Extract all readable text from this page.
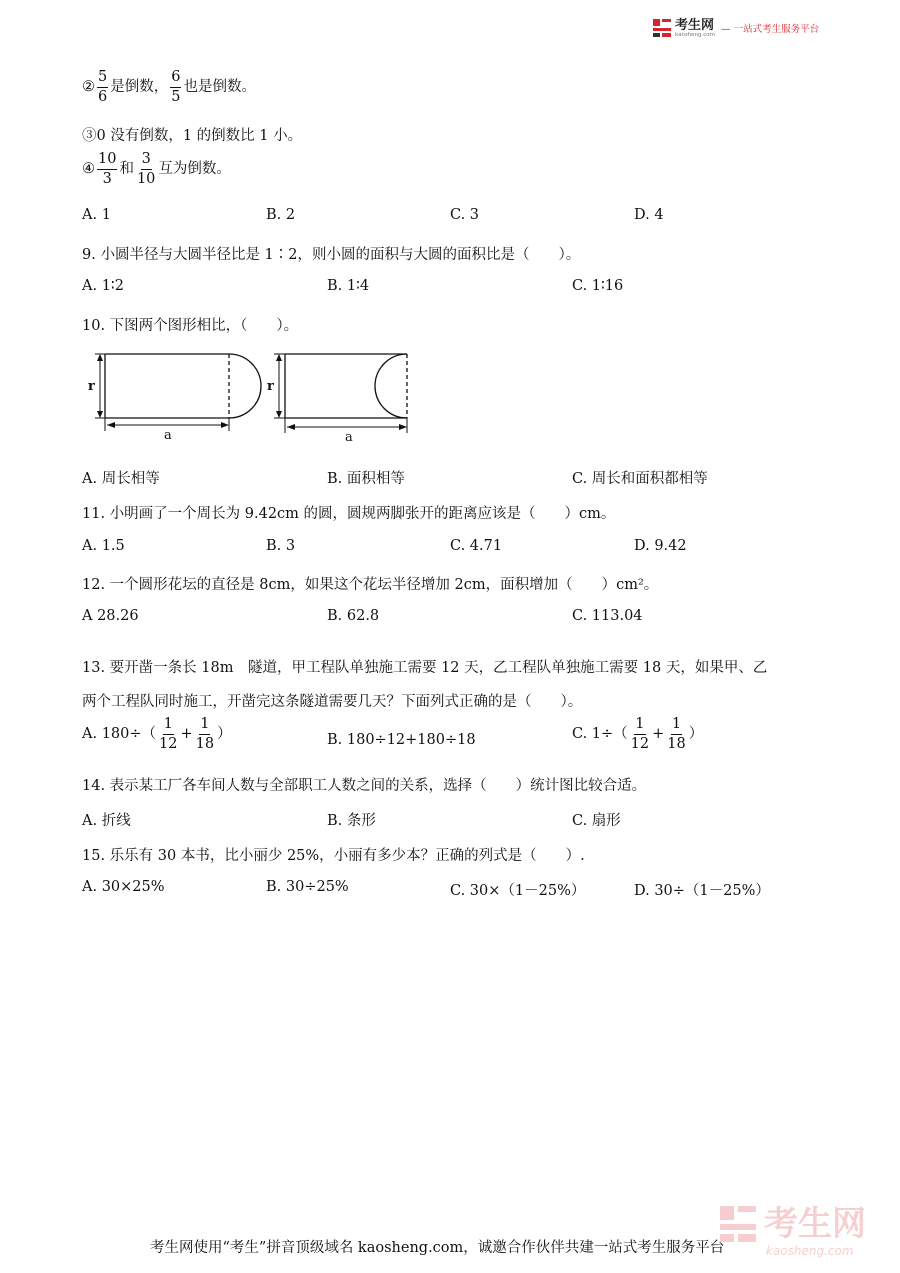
考生网
kaosheng.com — 一站式考生服务平台
② $\frac{5}{6}$ 是倒数， $\frac{6}{5}$ 也是倒数。
③0 没有倒数，1 的倒数比 1 小。
④ $\frac{10}{3}$ 和 $\frac{3}{10}$ 互为倒数。
A. 1	B. 2	C. 3	D. 4
9. 小圆半径与大圆半径比是 1∶2，则小圆的面积与大圆的面积比是（　　）。
A. 1∶2	B. 1∶4	C. 1∶16
10. 下图两个图形相比，（　　）。
r
a
r
a
A. 周长相等	B. 面积相等	C. 周长和面积都相等
11. 小明画了一个周长为 9.42cm 的圆，圆规两脚张开的距离应该是（　　）cm。
A. 1.5	B. 3	C. 4.71	D. 9.42
12. 一个圆形花坛的直径是 8cm，如果这个花坛半径增加 2cm，面积增加（　　）cm²。
A 28.26	B. 62.8	C. 113.04
13. 要开凿一条长 18m　隧道，甲工程队单独施工需要 12 天，乙工程队单独施工需要 18 天，如果甲、乙
两个工程队同时施工，开凿完这条隧道需要几天？下面列式正确的是（　　）。
A. $180\div( \frac{1}{12} + \frac{1}{18}$ ）	B. 180÷12+180÷18	C. $1\div( \frac{1}{12} + \frac{1}{18}$ ）
14. 表示某工厂各车间人数与全部职工人数之间的关系，选择（　　）统计图比较合适。
A. 折线	B. 条形	C. 扇形
15. 乐乐有 30 本书，比小丽少 25%，小丽有多少本？正确的列式是（　　）.
A. 30×25%	B. 30÷25%	C. 30×（1－25%）	D. 30÷（1－25%）
考生网
kaosheng.com
考生网使用“考生”拼音顶级域名 kaosheng.com，诚邀合作伙伴共建一站式考生服务平台
